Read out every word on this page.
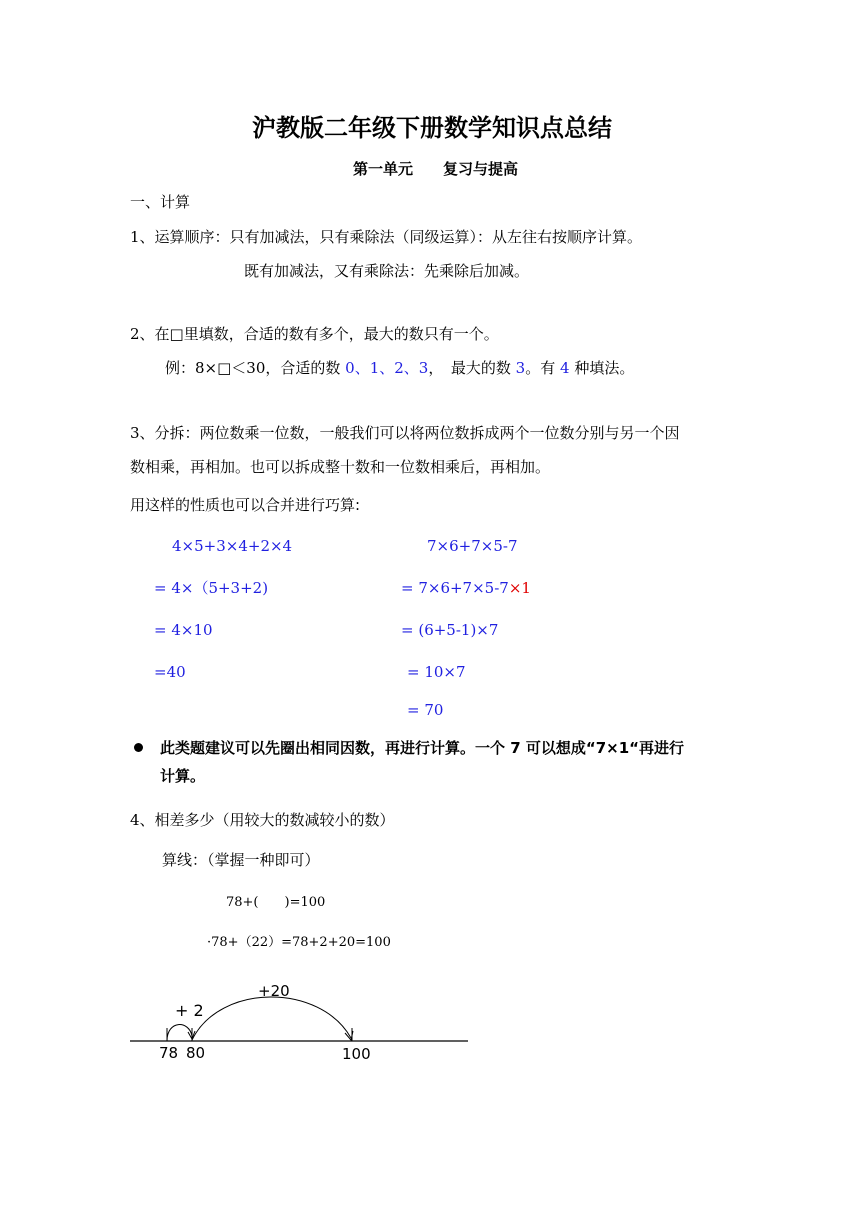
沪教版二年级下册数学知识点总结
第一单元　　复习与提高
一、计算
1、运算顺序：只有加减法，只有乘除法（同级运算）：从左往右按顺序计算。
既有加减法，又有乘除法：先乘除后加减。
2、在□里填数，合适的数有多个，最大的数只有一个。
例：8×□＜30，合适的数 0、1、2、3，　最大的数 3。有 4 种填法。
3、分拆：两位数乘一位数，一般我们可以将两位数拆成两个一位数分别与另一个因
数相乘，再相加。也可以拆成整十数和一位数相乘后，再相加。
用这样的性质也可以合并进行巧算:
4×5+3×4+2×4
= 4×（5+3+2)
= 4×10
=40
7×6+7×5-7
= 7×6+7×5-7×1
= (6+5-1)×7
= 10×7
= 70
此类题建议可以先圈出相同因数，再进行计算。一个 7 可以想成“7×1“再进行
计算。
4、相差多少（用较大的数减较小的数）
算线：（掌握一种即可）
78+(　　)=100
·78+（22）=78+2+20=100
+ 2
+20
78 80	100
